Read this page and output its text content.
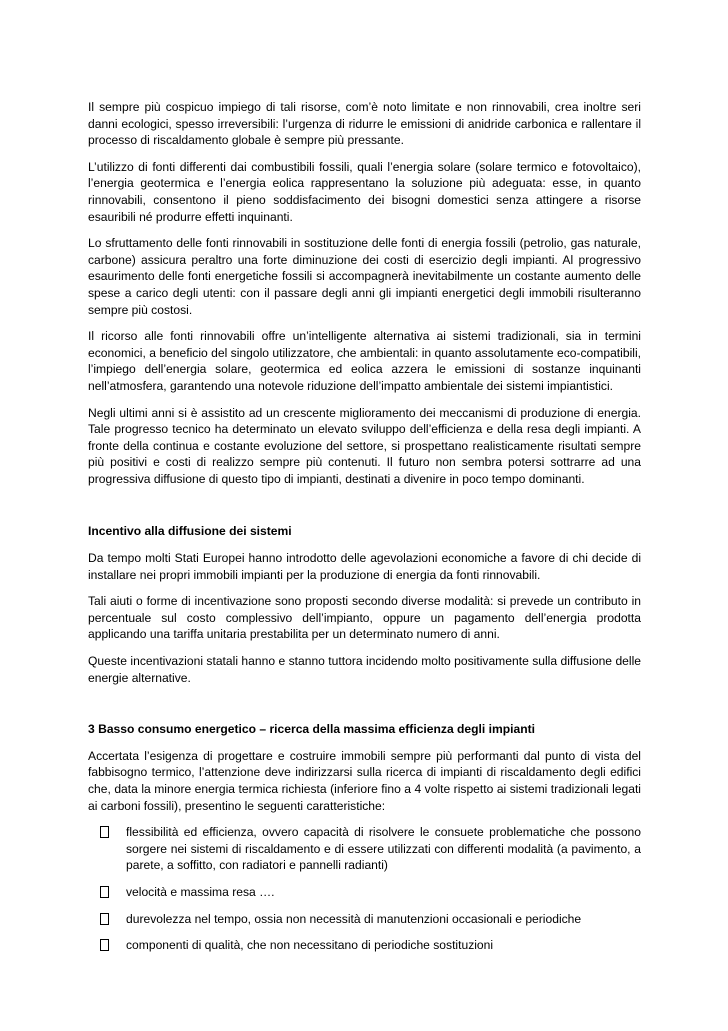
Il sempre più cospicuo impiego di tali risorse, com’è noto limitate e non rinnovabili, crea inoltre seri danni ecologici, spesso irreversibili: l’urgenza di ridurre le emissioni di anidride carbonica e rallentare il processo di riscaldamento globale è sempre più pressante.

L’utilizzo di fonti differenti dai combustibili fossili, quali l’energia solare (solare termico e fotovoltaico), l’energia geotermica e l’energia eolica rappresentano la soluzione più adeguata: esse, in quanto rinnovabili, consentono il pieno soddisfacimento dei bisogni domestici senza attingere a risorse esauribili né produrre effetti inquinanti.

Lo sfruttamento delle fonti rinnovabili in sostituzione delle fonti di energia fossili (petrolio, gas naturale, carbone) assicura peraltro una forte diminuzione dei costi di esercizio degli impianti. Al progressivo esaurimento delle fonti energetiche fossili si accompagnerà inevitabilmente un costante aumento delle spese a carico degli utenti: con il passare degli anni gli impianti energetici degli immobili risulteranno sempre più costosi.

Il ricorso alle fonti rinnovabili offre un’intelligente alternativa ai sistemi tradizionali, sia in termini economici, a beneficio del singolo utilizzatore, che ambientali: in quanto assolutamente eco-compatibili, l’impiego dell’energia solare, geotermica ed eolica azzera le emissioni di sostanze inquinanti nell’atmosfera, garantendo una notevole riduzione dell’impatto ambientale dei sistemi impiantistici.

Negli ultimi anni si è assistito ad un crescente miglioramento dei meccanismi di produzione di energia. Tale progresso tecnico ha determinato un elevato sviluppo dell’efficienza e della resa degli impianti. A fronte della continua e costante evoluzione del settore, si prospettano realisticamente risultati sempre più positivi e costi di realizzo sempre più contenuti. Il futuro non sembra potersi sottrarre ad una progressiva diffusione di questo tipo di impianti, destinati a divenire in poco tempo dominanti.

Incentivo alla diffusione dei sistemi

Da tempo molti Stati Europei hanno introdotto delle agevolazioni economiche a favore di chi decide di installare nei propri immobili impianti per la produzione di energia da fonti rinnovabili.

Tali aiuti o forme di incentivazione sono proposti secondo diverse modalità: si prevede un contributo in percentuale sul costo complessivo dell’impianto, oppure un pagamento dell’energia prodotta applicando una tariffa unitaria prestabilita per un determinato numero di anni.

Queste incentivazioni statali hanno e stanno tuttora incidendo molto positivamente sulla diffusione delle energie alternative.

3 Basso consumo energetico – ricerca della massima efficienza degli impianti

Accertata l’esigenza di progettare e costruire immobili sempre più performanti dal punto di vista del fabbisogno termico, l’attenzione deve indirizzarsi sulla ricerca di impianti di riscaldamento degli edifici che, data la minore energia termica richiesta (inferiore fino a 4 volte rispetto ai sistemi tradizionali legati ai carboni fossili), presentino le seguenti caratteristiche:

flessibilità ed efficienza, ovvero capacità di risolvere le consuete problematiche che possono sorgere nei sistemi di riscaldamento e di essere utilizzati con differenti modalità (a pavimento, a parete, a soffitto, con radiatori e pannelli radianti)
velocità e massima resa ….
durevolezza nel tempo, ossia non necessità di manutenzioni occasionali e periodiche
componenti di qualità, che non necessitano di periodiche sostituzioni
